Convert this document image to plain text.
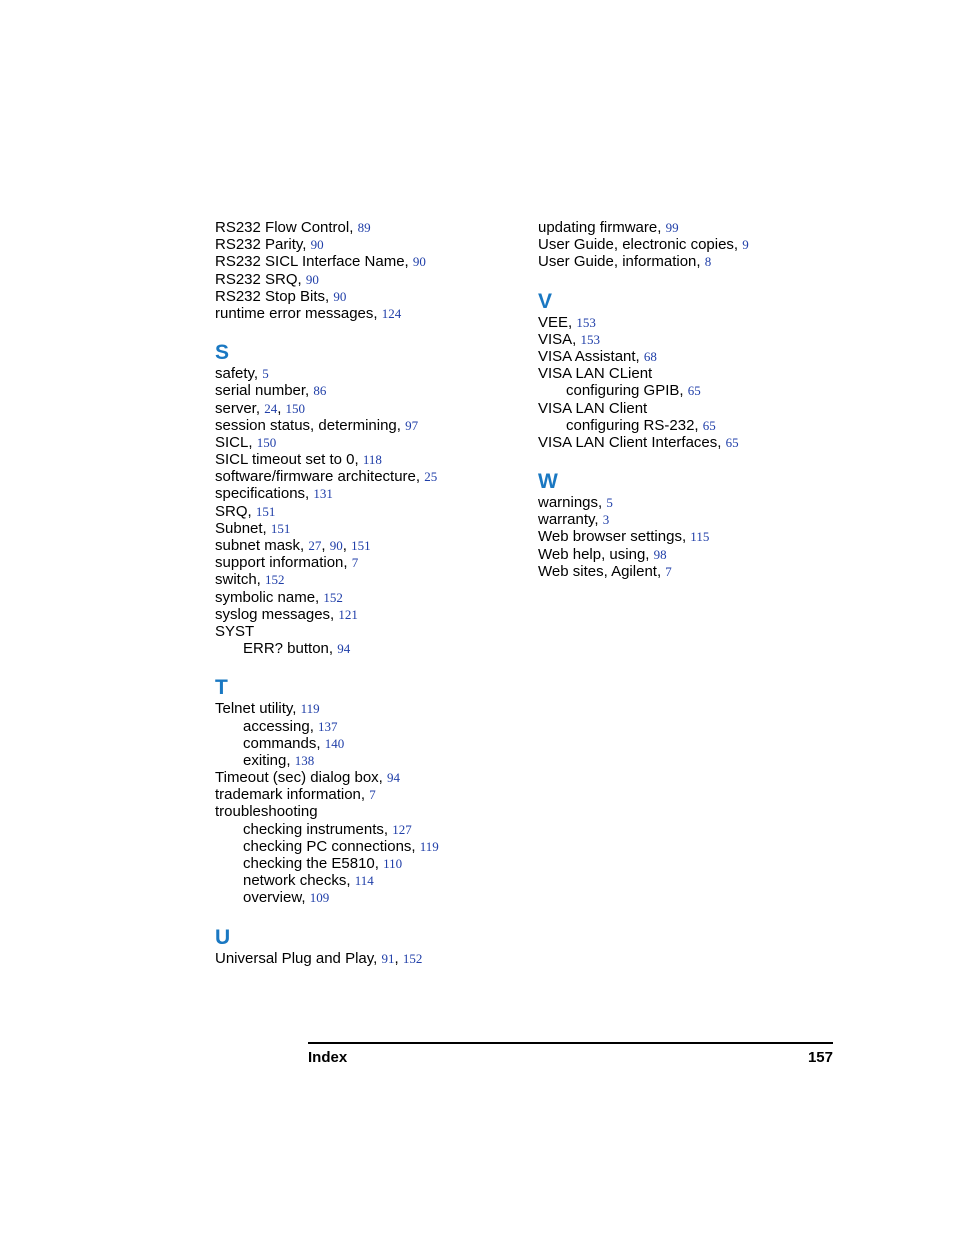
RS232 Flow Control, 89
RS232 Parity, 90
RS232 SICL Interface Name, 90
RS232 SRQ, 90
RS232 Stop Bits, 90
runtime error messages, 124
S
safety, 5
serial number, 86
server, 24, 150
session status, determining, 97
SICL, 150
SICL timeout set to 0, 118
software/firmware architecture, 25
specifications, 131
SRQ, 151
Subnet, 151
subnet mask, 27, 90, 151
support information, 7
switch, 152
symbolic name, 152
syslog messages, 121
SYST
ERR? button, 94
T
Telnet utility, 119
accessing, 137
commands, 140
exiting, 138
Timeout (sec) dialog box, 94
trademark information, 7
troubleshooting
checking instruments, 127
checking PC connections, 119
checking the E5810, 110
network checks, 114
overview, 109
U
Universal Plug and Play, 91, 152
updating firmware, 99
User Guide, electronic copies, 9
User Guide, information, 8
V
VEE, 153
VISA, 153
VISA Assistant, 68
VISA LAN CLient
configuring GPIB, 65
VISA LAN Client
configuring RS-232, 65
VISA LAN Client Interfaces, 65
W
warnings, 5
warranty, 3
Web browser settings, 115
Web help, using, 98
Web sites, Agilent, 7
Index	157
